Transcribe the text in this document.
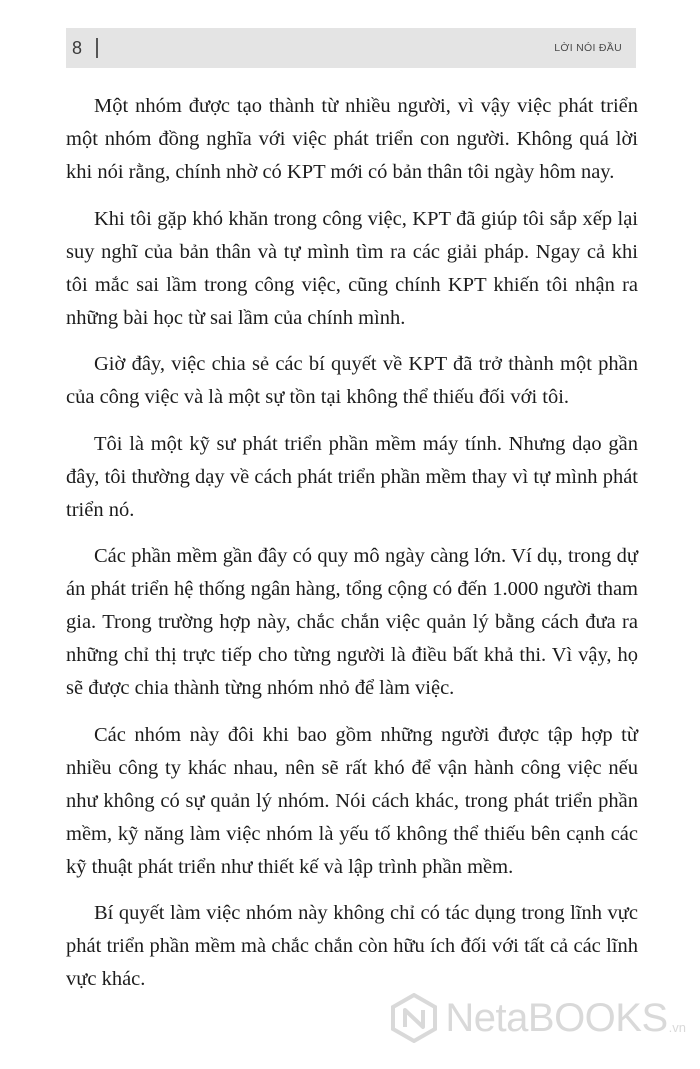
8	LỜI NÓI ĐẦU

Một nhóm được tạo thành từ nhiều người, vì vậy việc phát triển một nhóm đồng nghĩa với việc phát triển con người. Không quá lời khi nói rằng, chính nhờ có KPT mới có bản thân tôi ngày hôm nay.

Khi tôi gặp khó khăn trong công việc, KPT đã giúp tôi sắp xếp lại suy nghĩ của bản thân và tự mình tìm ra các giải pháp. Ngay cả khi tôi mắc sai lầm trong công việc, cũng chính KPT khiến tôi nhận ra những bài học từ sai lầm của chính mình.

Giờ đây, việc chia sẻ các bí quyết về KPT đã trở thành một phần của công việc và là một sự tồn tại không thể thiếu đối với tôi.

Tôi là một kỹ sư phát triển phần mềm máy tính. Nhưng dạo gần đây, tôi thường dạy về cách phát triển phần mềm thay vì tự mình phát triển nó.

Các phần mềm gần đây có quy mô ngày càng lớn. Ví dụ, trong dự án phát triển hệ thống ngân hàng, tổng cộng có đến 1.000 người tham gia. Trong trường hợp này, chắc chắn việc quản lý bằng cách đưa ra những chỉ thị trực tiếp cho từng người là điều bất khả thi. Vì vậy, họ sẽ được chia thành từng nhóm nhỏ để làm việc.

Các nhóm này đôi khi bao gồm những người được tập hợp từ nhiều công ty khác nhau, nên sẽ rất khó để vận hành công việc nếu như không có sự quản lý nhóm. Nói cách khác, trong phát triển phần mềm, kỹ năng làm việc nhóm là yếu tố không thể thiếu bên cạnh các kỹ thuật phát triển như thiết kế và lập trình phần mềm.

Bí quyết làm việc nhóm này không chỉ có tác dụng trong lĩnh vực phát triển phần mềm mà chắc chắn còn hữu ích đối với tất cả các lĩnh vực khác.

NetaBOOKS .vn
